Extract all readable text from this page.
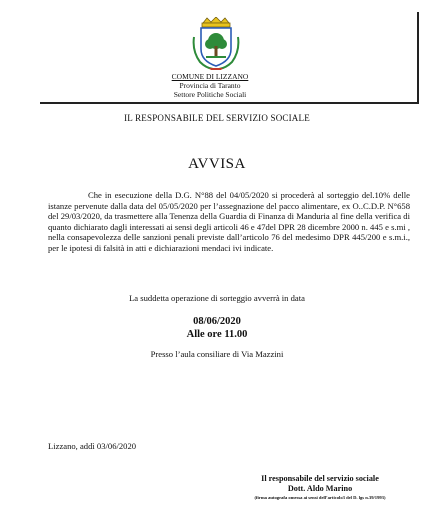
COMUNE DI LIZZANO
Provincia di Taranto
Settore Politiche Sociali
IL RESPONSABILE DEL SERVIZIO SOCIALE
AVVISA
Che in esecuzione della D.G. N°88 del 04/05/2020 si procederà al sorteggio del.10% delle istanze pervenute dalla data del 05/05/2020 per l’assegnazione del pacco alimentare, ex O..C.D.P. N°658 del 29/03/2020, da trasmettere alla Tenenza della Guardia di Finanza di Manduria al fine della verifica di quanto dichiarato dagli interessati ai sensi degli articoli 46 e 47del DPR 28 dicembre 2000 n. 445 e s.mi , nella consapevolezza delle sanzioni penali previste dall’articolo 76 del medesimo DPR 445/200 e s.m.i., per le ipotesi di falsità in atti e dichiarazioni mendaci ivi indicate.
La suddetta operazione di sorteggio avverrà in data
08/06/2020
Alle ore 11.00
Presso l’aula consiliare di Via Mazzini
Lizzano, addì 03/06/2020
Il responsabile del servizio sociale
Dott. Aldo Marino
(firma autografa omessa ai sensi dell’articolo3 del D. lgs n.39/1993)
